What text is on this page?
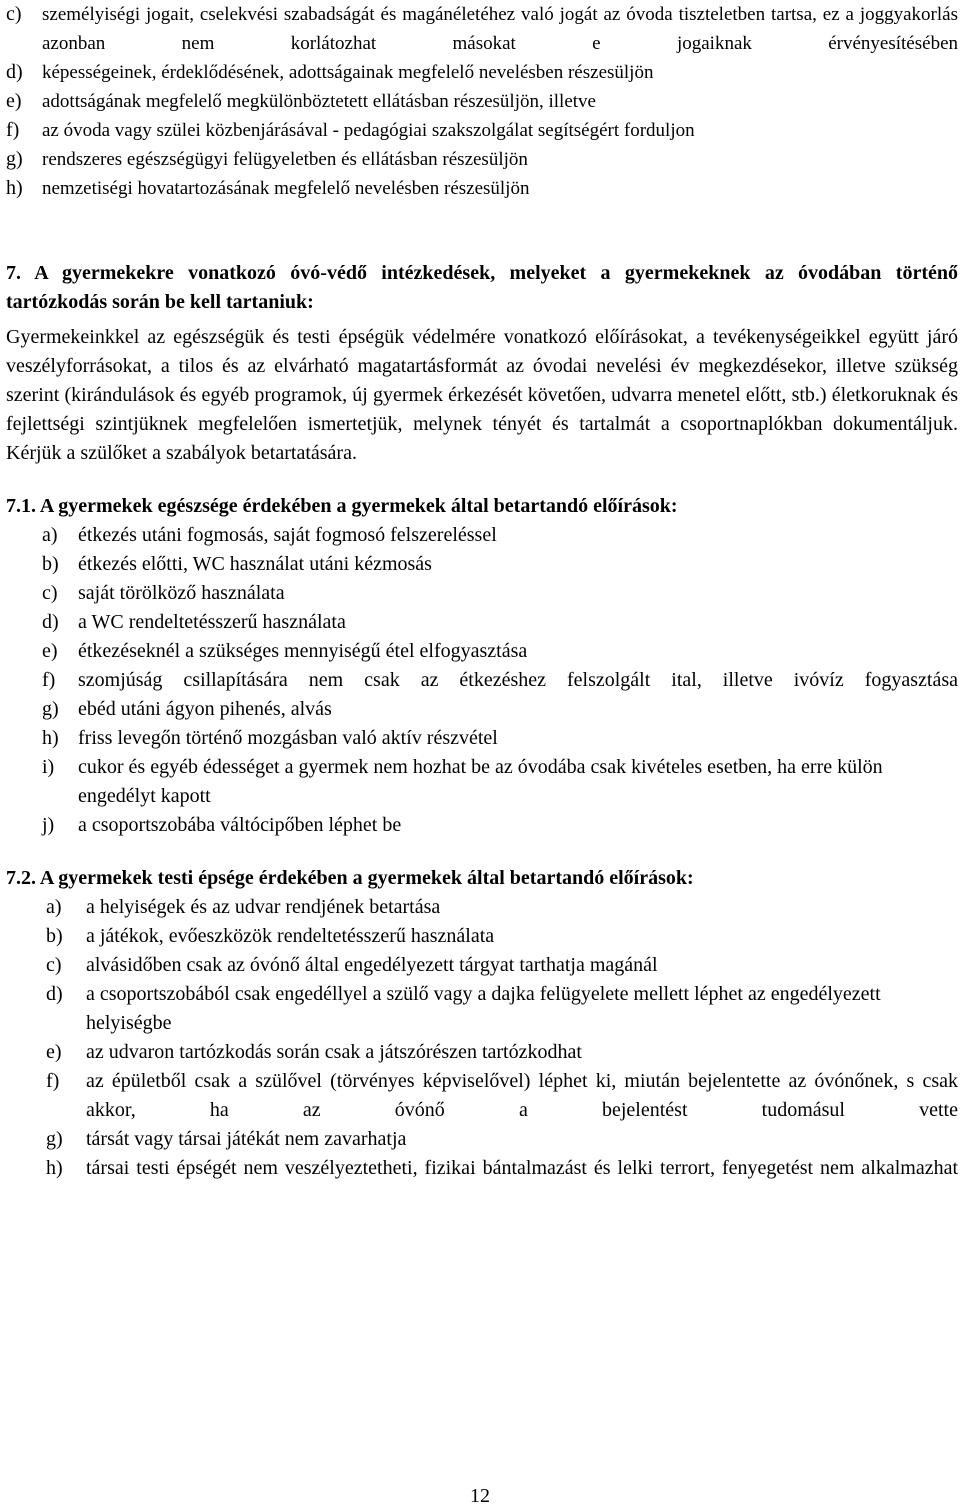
c)	személyiségi jogait, cselekvési szabadságát és magánéletéhez való jogát az óvoda tiszteletben tartsa, ez a joggyakorlás azonban nem korlátozhat másokat e jogaiknak érvényesítésében
d)	képességeinek, érdeklődésének, adottságainak megfelelő nevelésben részesüljön
e)	adottságának megfelelő megkülönböztetett ellátásban részesüljön, illetve
f)	az óvoda vagy szülei közbenjárásával - pedagógiai szakszolgálat segítségért forduljon
g)	rendszeres egészségügyi felügyeletben és ellátásban részesüljön
h)	nemzetiségi hovatartozásának megfelelő nevelésben részesüljön
7. A gyermekekre vonatkozó óvó-védő intézkedések, melyeket a gyermekeknek az óvodában történő tartózkodás során be kell tartaniuk:
Gyermekeinkkel az egészségük és testi épségük védelmére vonatkozó előírásokat, a tevékenységeikkel együtt járó veszélyforrásokat, a tilos és az elvárható magatartásformát az óvodai nevelési év megkezdésekor, illetve szükség szerint (kirándulások és egyéb programok, új gyermek érkezését követően, udvarra menetel előtt, stb.) életkoruknak és fejlettségi szintjüknek megfelelően ismertetjük, melynek tényét és tartalmát a csoportnaplókban dokumentáljuk. Kérjük a szülőket a szabályok betartatására.
7.1. A gyermekek egészsége érdekében a gyermekek által betartandó előírások:
a)	étkezés utáni fogmosás, saját fogmosó felszereléssel
b) étkezés előtti, WC használat utáni kézmosás
c)	saját törölköző használata
d) a WC rendeltetésszerű használata
e)	étkezéseknél a szükséges mennyiségű étel elfogyasztása
f)	szomjúság csillapítására nem csak az étkezéshez felszolgált ital, illetve ivóvíz fogyasztása
g) ebéd utáni ágyon pihenés, alvás
h) friss levegőn történő mozgásban való aktív részvétel
i)	cukor és egyéb édességet a gyermek nem hozhat be az óvodába csak kivételes esetben, ha erre külön engedélyt kapott
j)	a csoportszobába váltócipőben léphet be
7.2. A gyermekek testi épsége érdekében a gyermekek által betartandó előírások:
a)	a helyiségek és az udvar rendjének betartása
b)	a játékok, evőeszközök rendeltetésszerű használata
c)	alvásidőben csak az óvónő által engedélyezett tárgyat tarthatja magánál
d)	a csoportszobából csak engedéllyel a szülő vagy a dajka felügyelete mellett léphet az engedélyezett helyiségbe
e)	az udvaron tartózkodás során csak a játszórészen tartózkodhat
f)	az épületből csak a szülővel (törvényes képviselővel) léphet ki, miután bejelentette az óvónőnek, s csak akkor, ha az óvónő a bejelentést tudomásul vette
g)	társát vagy társai játékát nem zavarhatja
h)	társai testi épségét nem veszélyeztetheti, fizikai bántalmazást és lelki terrort, fenyegetést nem alkalmazhat
12
